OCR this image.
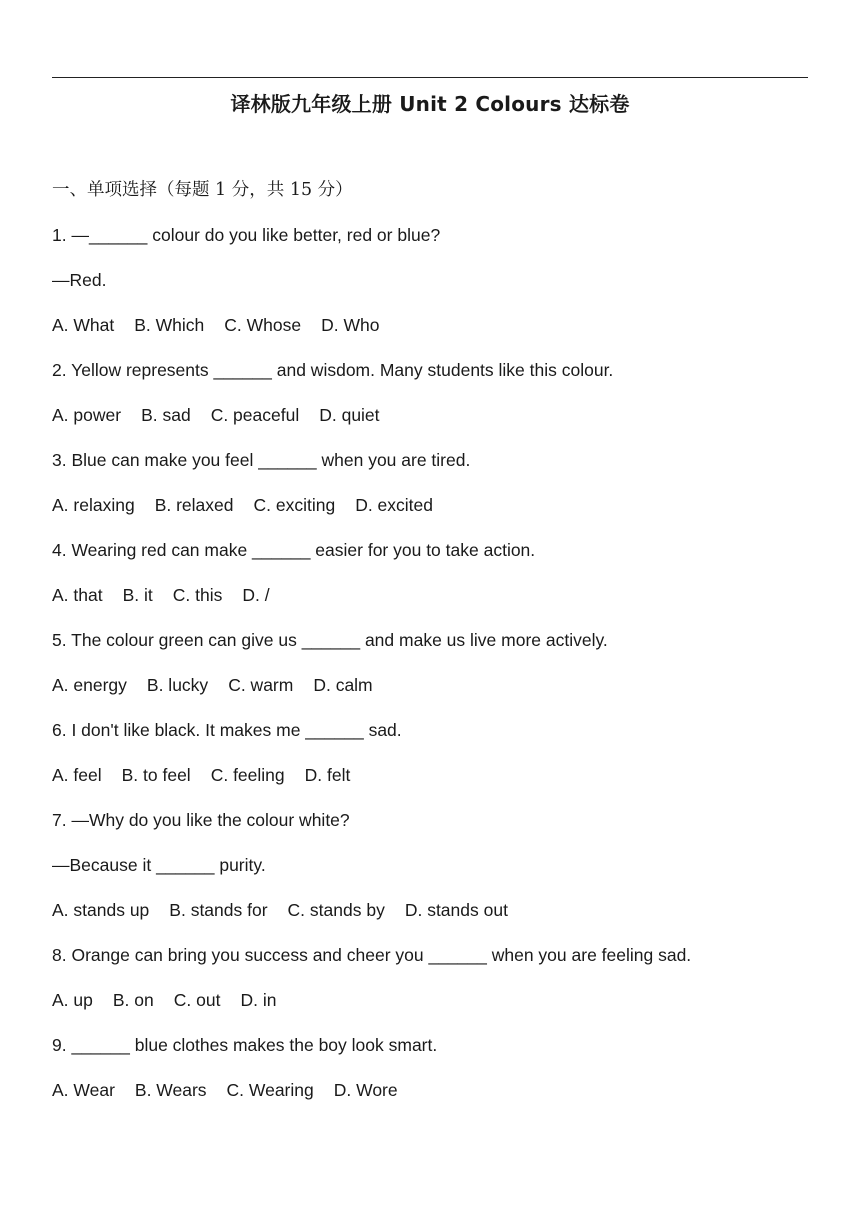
译林版九年级上册 Unit 2 Colours 达标卷
一、单项选择（每题 1 分，共 15 分）
1. —______ colour do you like better, red or blue?
—Red.
A. What B. Which C. Whose D. Who
2. Yellow represents ______ and wisdom. Many students like this colour.
A. power B. sad C. peaceful D. quiet
3. Blue can make you feel ______ when you are tired.
A. relaxing B. relaxed C. exciting D. excited
4. Wearing red can make ______ easier for you to take action.
A. that B. it C. this D. /
5. The colour green can give us ______ and make us live more actively.
A. energy B. lucky C. warm D. calm
6. I don't like black. It makes me ______ sad.
A. feel B. to feel C. feeling D. felt
7. —Why do you like the colour white?
—Because it ______ purity.
A. stands up B. stands for C. stands by D. stands out
8. Orange can bring you success and cheer you ______ when you are feeling sad.
A. up B. on C. out D. in
9. ______ blue clothes makes the boy look smart.
A. Wear B. Wears C. Wearing D. Wore
